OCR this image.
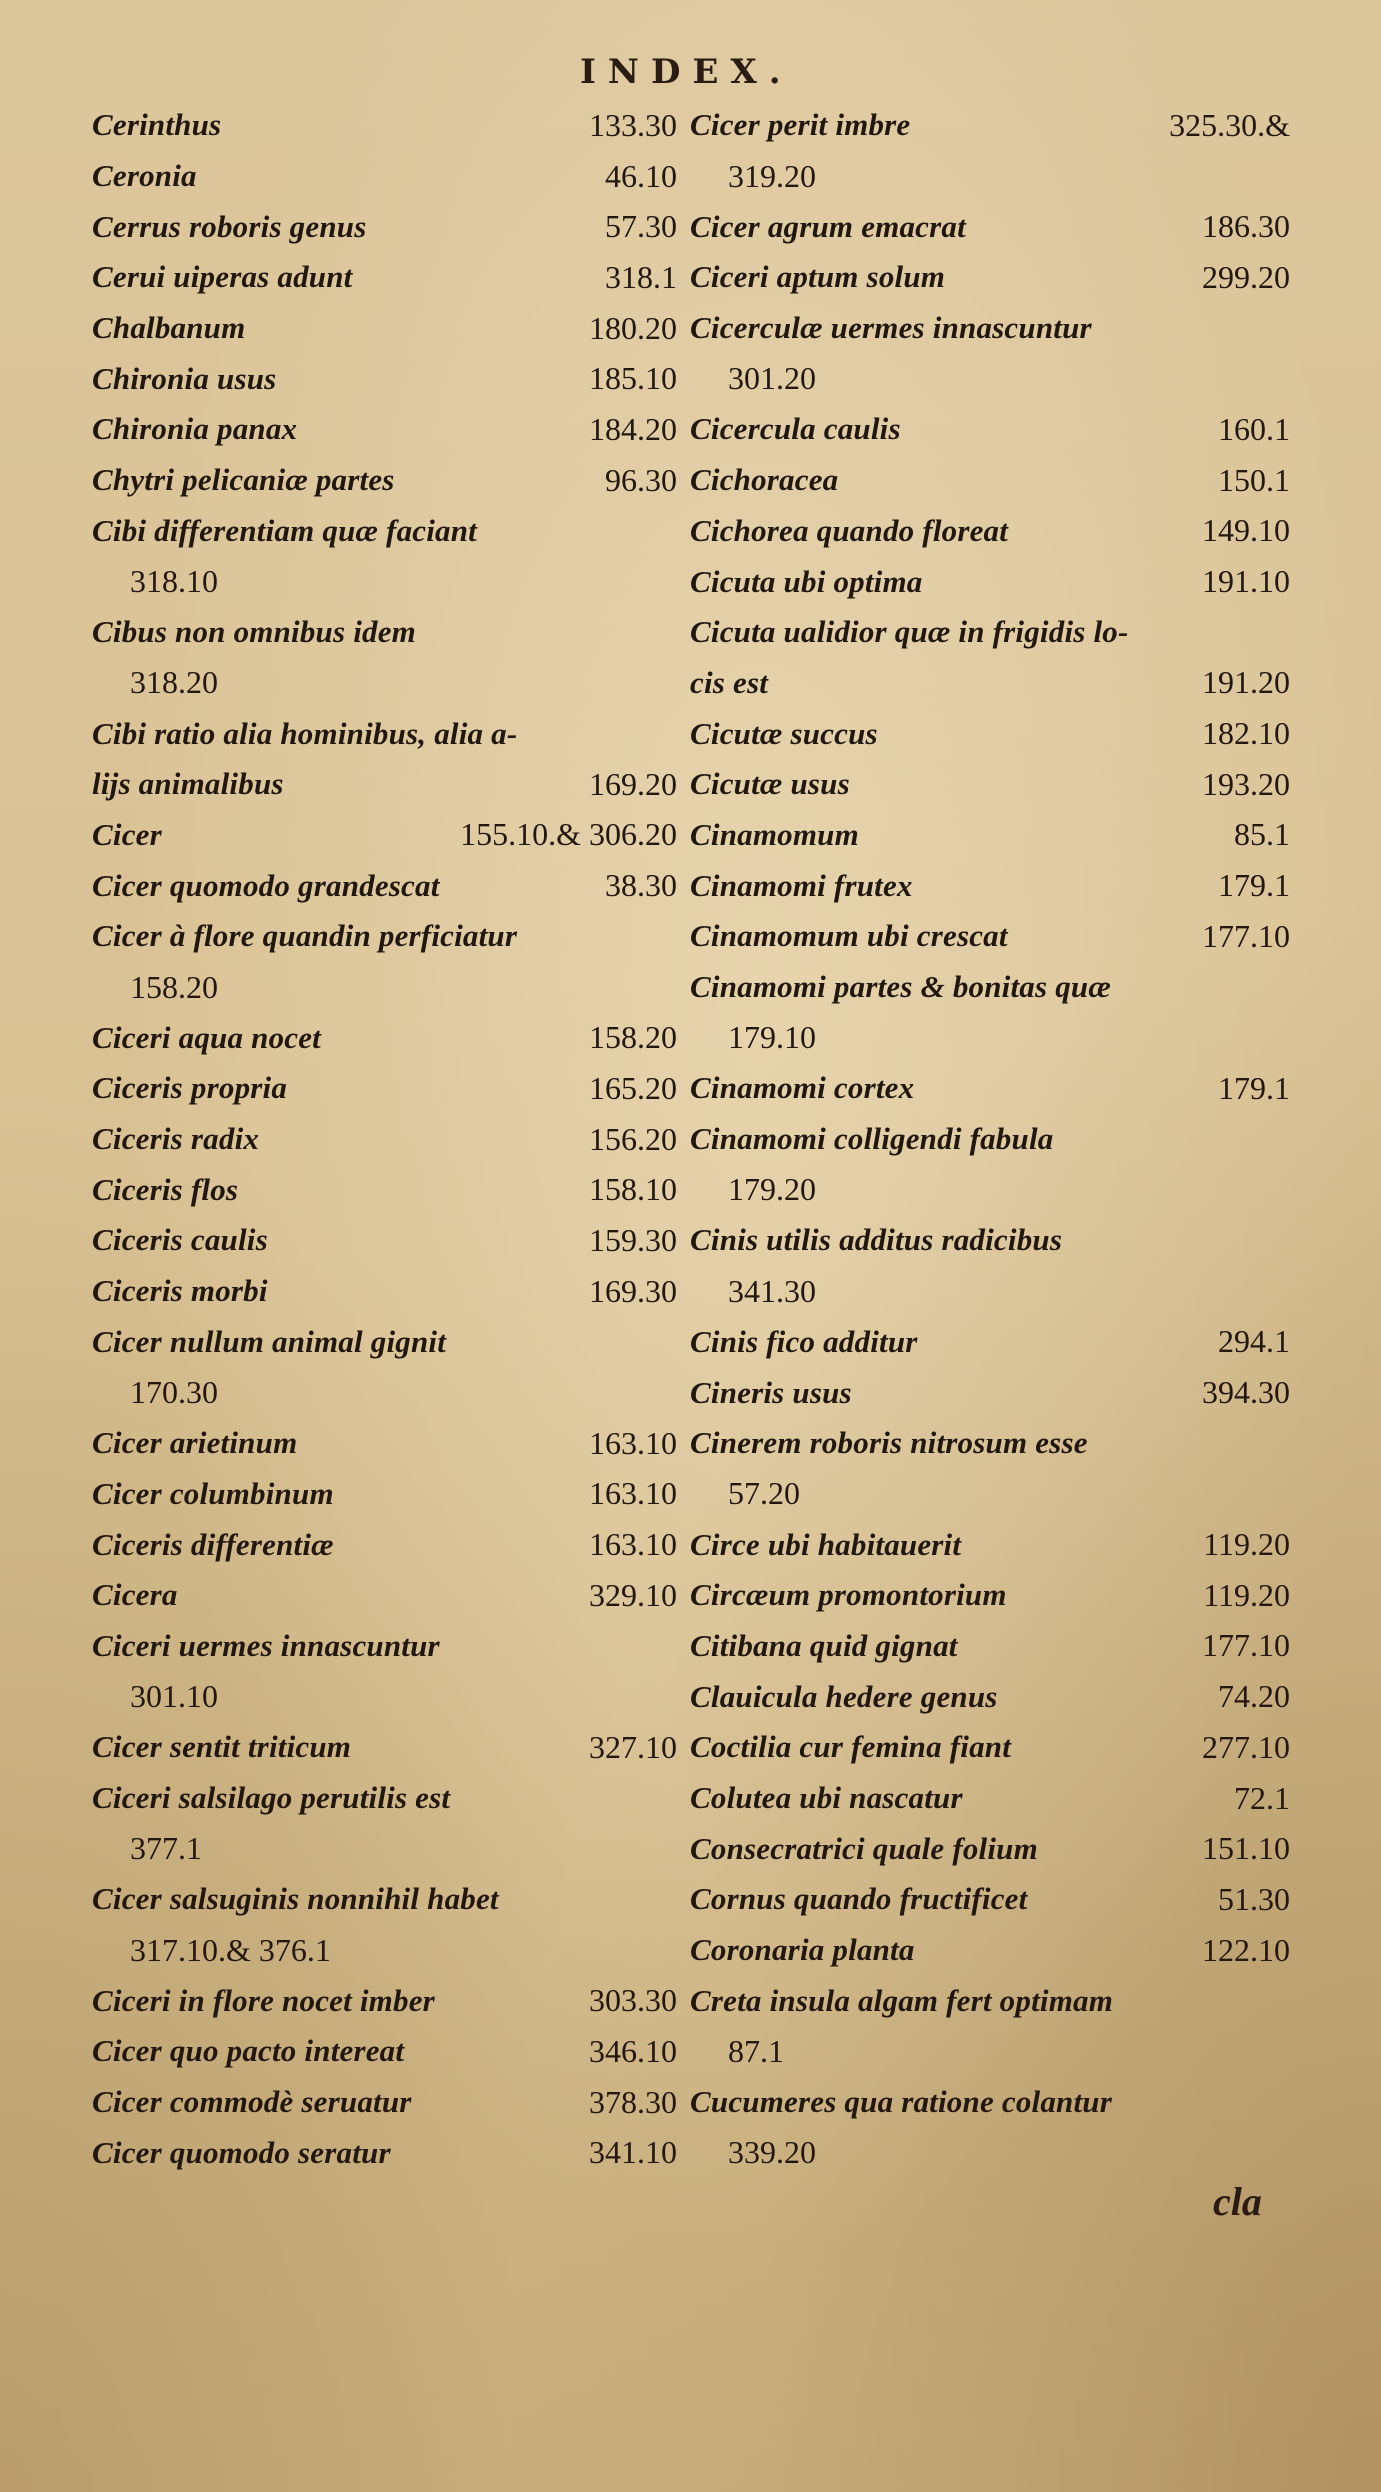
INDEX.
Cerinthus	133.30
Ceronia	46.10
Cerrus roboris genus	57.30
Cerui uiperas adunt	318.1
Chalbanum	180.20
Chironia usus	185.10
Chironia panax	184.20
Chytri pelicaniæ partes	96.30
Cibi differentiam quæ faciant
318.10
Cibus non omnibus idem
318.20
Cibi ratio alia hominibus, alia a-
lijs animalibus	169.20
Cicer	155.10.& 306.20
Cicer quomodo grandescat	38.30
Cicer à flore quandin perficiatur
158.20
Ciceri aqua nocet	158.20
Ciceris propria	165.20
Ciceris radix	156.20
Ciceris flos	158.10
Ciceris caulis	159.30
Ciceris morbi	169.30
Cicer nullum animal gignit
170.30
Cicer arietinum	163.10
Cicer columbinum	163.10
Ciceris differentiæ	163.10
Cicera	329.10
Ciceri uermes innascuntur
301.10
Cicer sentit triticum	327.10
Ciceri salsilago perutilis est
377.1
Cicer salsuginis nonnihil habet
317.10.& 376.1
Ciceri in flore nocet imber	303.30
Cicer quo pacto intereat	346.10
Cicer commodè seruatur	378.30
Cicer quomodo seratur	341.10
Cicer perit imbre	325.30.&
319.20
Cicer agrum emacrat	186.30
Ciceri aptum solum	299.20
Cicerculæ uermes innascuntur
301.20
Cicercula caulis	160.1
Cichoracea	150.1
Cichorea quando floreat	149.10
Cicuta ubi optima	191.10
Cicuta ualidior quæ in frigidis lo-
cis est	191.20
Cicutæ succus	182.10
Cicutæ usus	193.20
Cinamomum	85.1
Cinamomi frutex	179.1
Cinamomum ubi crescat	177.10
Cinamomi partes & bonitas quæ
179.10
Cinamomi cortex	179.1
Cinamomi colligendi fabula
179.20
Cinis utilis additus radicibus
341.30
Cinis fico additur	294.1
Cineris usus	394.30
Cinerem roboris nitrosum esse
57.20
Circe ubi habitauerit	119.20
Circæum promontorium	119.20
Citibana quid gignat	177.10
Clauicula hedere genus	74.20
Coctilia cur femina fiant	277.10
Colutea ubi nascatur	72.1
Consecratrici quale folium	151.10
Cornus quando fructificet	51.30
Coronaria planta	122.10
Creta insula algam fert optimam
87.1
Cucumeres qua ratione colantur
339.20
cla
